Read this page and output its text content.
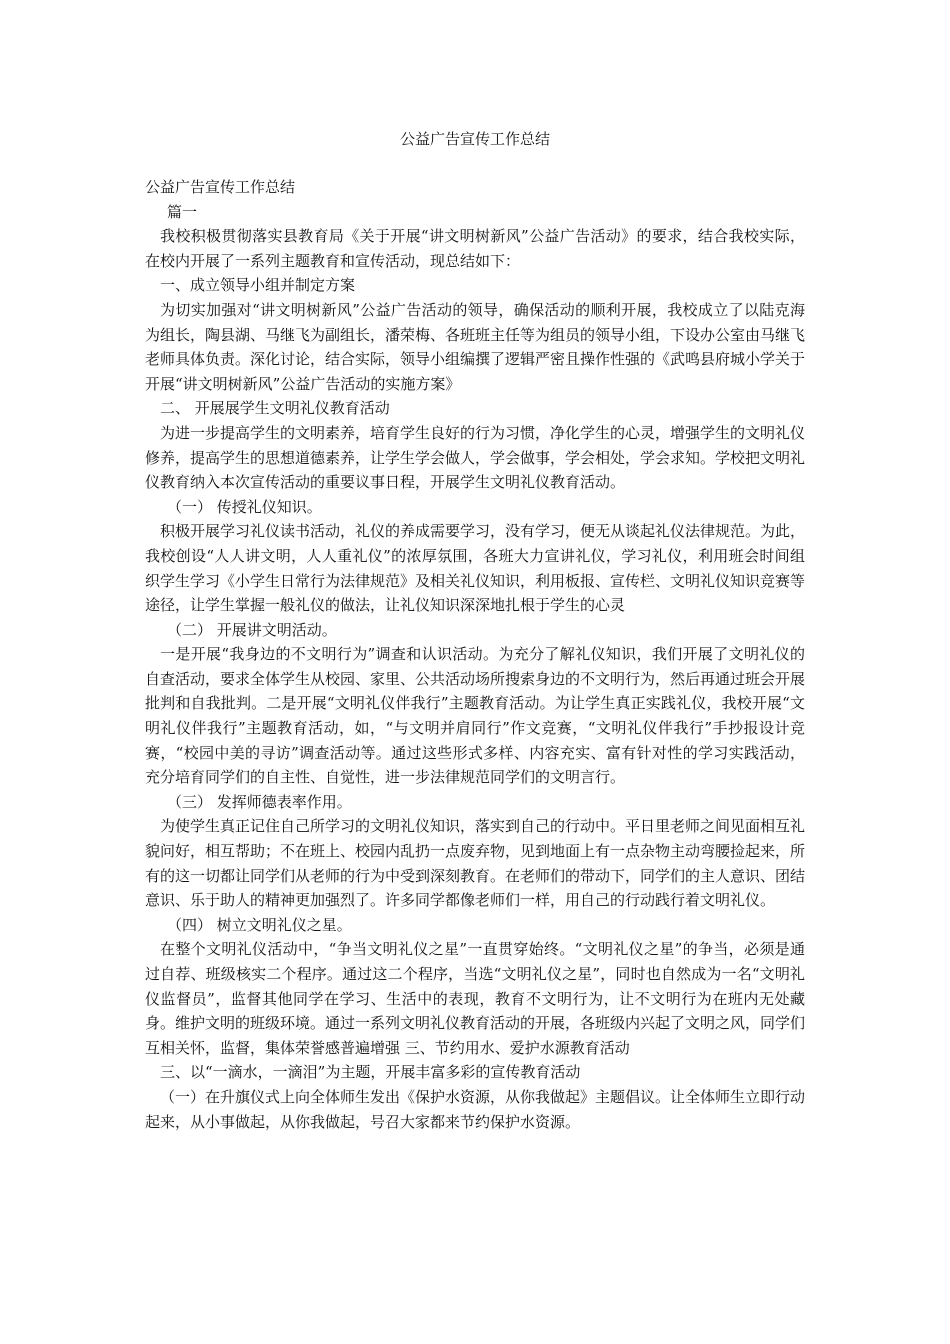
公益广告宣传工作总结

公益广告宣传工作总结

篇一

我校积极贯彻落实县教育局《关于开展“讲文明树新风”公益广告活动》的要求，结合我校实际，在校内开展了一系列主题教育和宣传活动，现总结如下：

一、成立领导小组并制定方案

为切实加强对“讲文明树新风”公益广告活动的领导，确保活动的顺利开展，我校成立了以陆克海为组长，陶县湖、马继飞为副组长，潘荣梅、各班班主任等为组员的领导小组，下设办公室由马继飞老师具体负责。深化讨论，结合实际，领导小组编撰了逻辑严密且操作性强的《武鸣县府城小学关于开展“讲文明树新风”公益广告活动的实施方案》

二、 开展展学生文明礼仪教育活动

为进一步提高学生的文明素养，培育学生良好的行为习惯，净化学生的心灵，增强学生的文明礼仪修养，提高学生的思想道德素养，让学生学会做人，学会做事，学会相处，学会求知。学校把文明礼仪教育纳入本次宣传活动的重要议事日程，开展学生文明礼仪教育活动。

（一） 传授礼仪知识。

积极开展学习礼仪读书活动，礼仪的养成需要学习，没有学习，便无从谈起礼仪法律规范。为此，我校创设“人人讲文明，人人重礼仪”的浓厚氛围，各班大力宣讲礼仪，学习礼仪，利用班会时间组织学生学习《小学生日常行为法律规范》及相关礼仪知识，利用板报、宣传栏、文明礼仪知识竞赛等途径，让学生掌握一般礼仪的做法，让礼仪知识深深地扎根于学生的心灵

（二） 开展讲文明活动。

一是开展“我身边的不文明行为”调查和认识活动。为充分了解礼仪知识，我们开展了文明礼仪的自查活动，要求全体学生从校园、家里、公共活动场所搜索身边的不文明行为，然后再通过班会开展批判和自我批判。二是开展“文明礼仪伴我行”主题教育活动。为让学生真正实践礼仪，我校开展“文明礼仪伴我行”主题教育活动，如，“与文明并肩同行”作文竞赛，“文明礼仪伴我行”手抄报设计竞赛，“校园中美的寻访”调查活动等。通过这些形式多样、内容充实、富有针对性的学习实践活动，充分培育同学们的自主性、自觉性，进一步法律规范同学们的文明言行。

（三） 发挥师德表率作用。

为使学生真正记住自己所学习的文明礼仪知识，落实到自己的行动中。平日里老师之间见面相互礼貌问好，相互帮助；不在班上、校园内乱扔一点废弃物，见到地面上有一点杂物主动弯腰捡起来，所有的这一切都让同学们从老师的行为中受到深刻教育。在老师们的带动下，同学们的主人意识、团结意识、乐于助人的精神更加强烈了。许多同学都像老师们一样，用自己的行动践行着文明礼仪。

（四） 树立文明礼仪之星。

在整个文明礼仪活动中，“争当文明礼仪之星”一直贯穿始终。“文明礼仪之星”的争当，必须是通过自荐、班级核实二个程序。通过这二个程序，当选“文明礼仪之星”，同时也自然成为一名“文明礼仪监督员”，监督其他同学在学习、生活中的表现，教育不文明行为，让不文明行为在班内无处藏身。维护文明的班级环境。通过一系列文明礼仪教育活动的开展，各班级内兴起了文明之风，同学们互相关怀，监督，集体荣誉感普遍增强 三、节约用水、爱护水源教育活动

三、以“一滴水，一滴泪”为主题，开展丰富多彩的宣传教育活动

（一）在升旗仪式上向全体师生发出《保护水资源，从你我做起》主题倡议。让全体师生立即行动起来，从小事做起，从你我做起，号召大家都来节约保护水资源。
